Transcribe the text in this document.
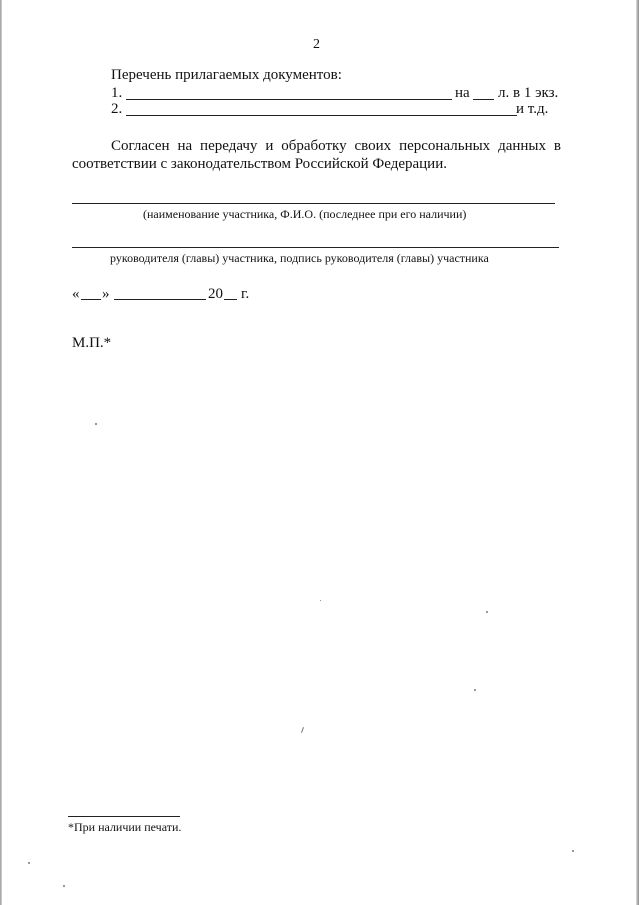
2
Перечень прилагаемых документов:
1.	на л. в 1 экз.
2.	и т.д.
Согласен на передачу и обработку своих персональных данных в
соответствии с законодательством Российской Федерации.
(наименование участника, Ф.И.О. (последнее при его наличии)
руководителя (главы) участника, подпись руководителя (главы) участника
« »	20 г.
М.П.*
*При наличии печати.
